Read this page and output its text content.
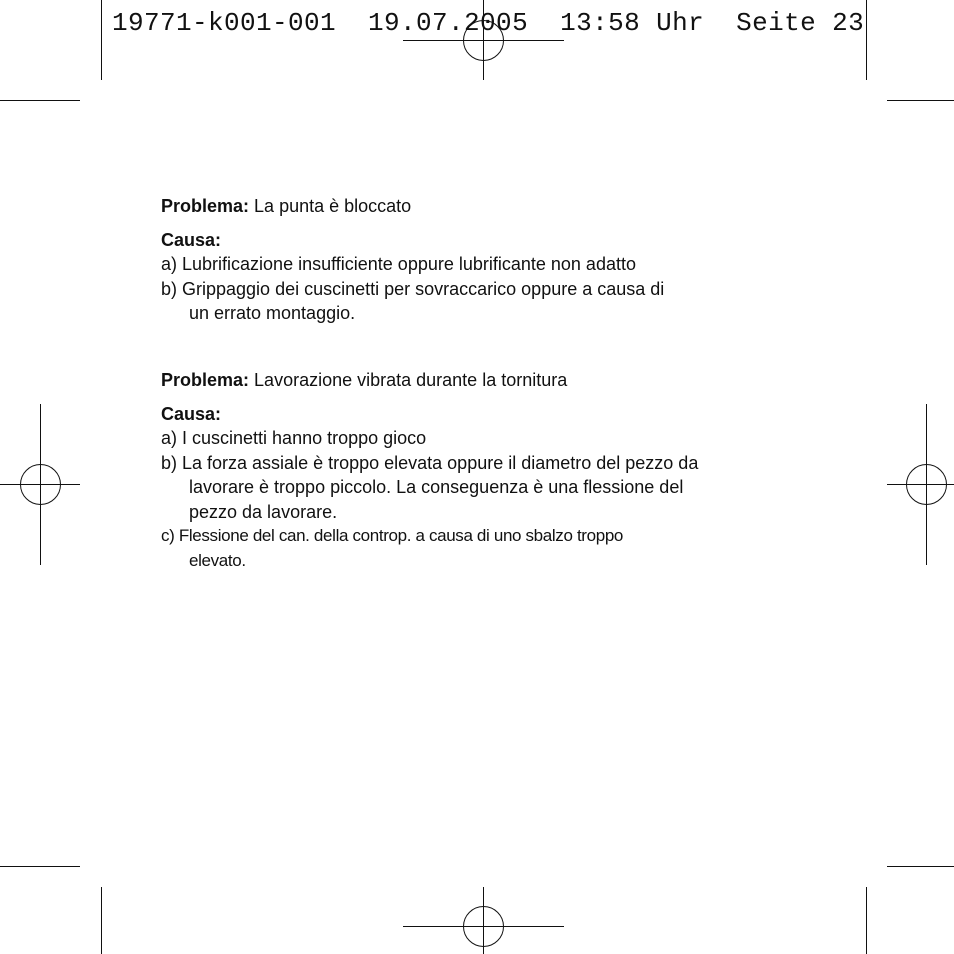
19771-k001-001  19.07.2005  13:58 Uhr  Seite 23

Problema: La punta è bloccato

Causa:

a) Lubrificazione insufficiente oppure lubrificante non adatto

b) Grippaggio dei cuscinetti per sovraccarico oppure a causa di

un errato montaggio.

Problema: Lavorazione vibrata durante la tornitura

Causa:

a) I cuscinetti hanno troppo gioco

b) La forza assiale è troppo elevata oppure il diametro del pezzo da

lavorare è troppo piccolo. La conseguenza è una flessione del

pezzo da lavorare.

c) Flessione del can. della controp. a causa di uno sbalzo troppo

elevato.
